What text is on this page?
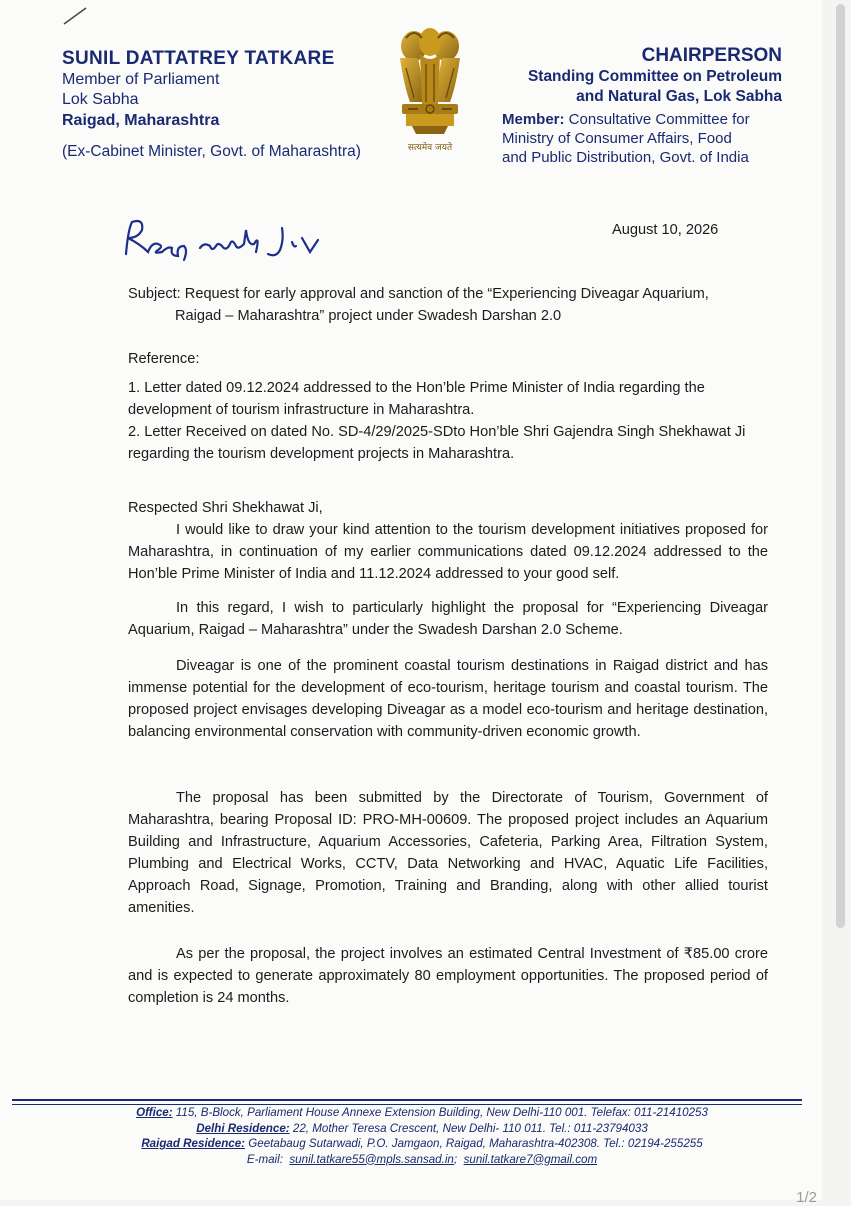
SUNIL DATTATREY TATKARE
Member of Parliament
Lok Sabha
Raigad, Maharashtra
(Ex-Cabinet Minister, Govt. of Maharashtra)	सत्यमेव जयते
CHAIRPERSON
Standing Committee on Petroleum
and Natural Gas, Lok Sabha
Member: Consultative Committee for
Ministry of Consumer Affairs, Food
and Public Distribution, Govt. of India
August 10, 2026
Subject: Request for early approval and sanction of the “Experiencing Diveagar Aquarium,
Raigad – Maharashtra” project under Swadesh Darshan 2.0
Reference:

1. Letter dated 09.12.2024 addressed to the Hon’ble Prime Minister of India regarding the development of tourism infrastructure in Maharashtra.

2. Letter Received on dated No. SD-4/29/2025-SDto Hon’ble Shri Gajendra Singh Shekhawat Ji regarding the tourism development projects in Maharashtra.

Respected Shri Shekhawat Ji,

I would like to draw your kind attention to the tourism development initiatives proposed for Maharashtra, in continuation of my earlier communications dated 09.12.2024 addressed to the Hon’ble Prime Minister of India and 11.12.2024 addressed to your good self.

In this regard, I wish to particularly highlight the proposal for “Experiencing Diveagar Aquarium, Raigad – Maharashtra” under the Swadesh Darshan 2.0 Scheme.

Diveagar is one of the prominent coastal tourism destinations in Raigad district and has immense potential for the development of eco-tourism, heritage tourism and coastal tourism. The proposed project envisages developing Diveagar as a model eco-tourism and heritage destination, balancing environmental conservation with community-driven economic growth.

The proposal has been submitted by the Directorate of Tourism, Government of Maharashtra, bearing Proposal ID: PRO-MH-00609. The proposed project includes an Aquarium Building and Infrastructure, Aquarium Accessories, Cafeteria, Parking Area, Filtration System, Plumbing and Electrical Works, CCTV, Data Networking and HVAC, Aquatic Life Facilities, Approach Road, Signage, Promotion, Training and Branding, along with other allied tourist amenities.

As per the proposal, the project involves an estimated Central Investment of ₹85.00 crore and is expected to generate approximately 80 employment opportunities. The proposed period of completion is 24 months.

Office: 115, B-Block, Parliament House Annexe Extension Building, New Delhi-110 001. Telefax: 011-21410253
Delhi Residence: 22, Mother Teresa Crescent, New Delhi- 110 011. Tel.: 011-23794033
Raigad Residence: Geetabaug Sutarwadi, P.O. Jamgaon, Raigad, Maharashtra-402308. Tel.: 02194-255255
E-mail: sunil.tatkare55@mpls.sansad.in; sunil.tatkare7@gmail.com
1/2
